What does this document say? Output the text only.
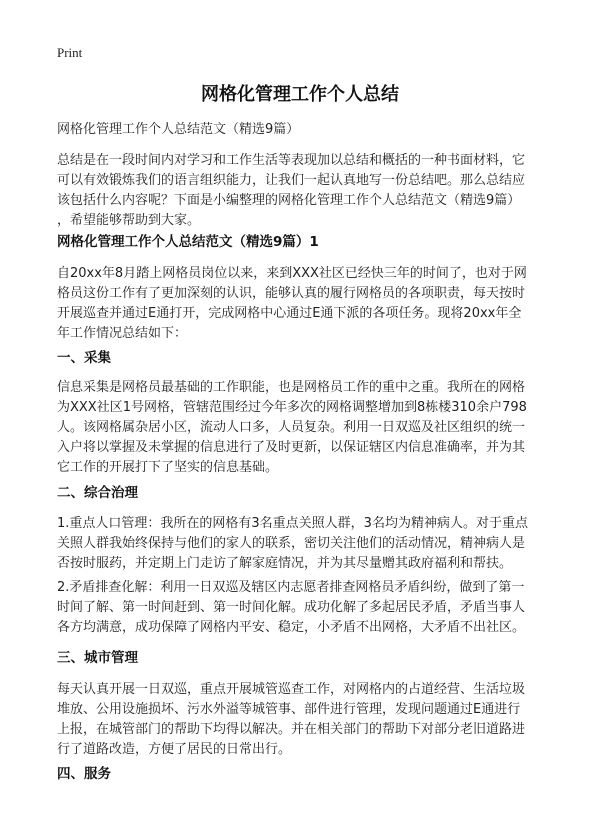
Print
网格化管理工作个人总结
网格化管理工作个人总结范文（精选9篇）
总结是在一段时间内对学习和工作生活等表现加以总结和概括的一种书面材料，它
可以有效锻炼我们的语言组织能力，让我们一起认真地写一份总结吧。那么总结应
该包括什么内容呢？下面是小编整理的网格化管理工作个人总结范文（精选9篇）
，希望能够帮助到大家。
网格化管理工作个人总结范文（精选9篇）1
自20xx年8月踏上网格员岗位以来，来到XXX社区已经快三年的时间了，也对于网
格员这份工作有了更加深刻的认识，能够认真的履行网格员的各项职责，每天按时
开展巡查并通过E通打开，完成网格中心通过E通下派的各项任务。现将20xx年全
年工作情况总结如下：
一、采集
信息采集是网格员最基础的工作职能，也是网格员工作的重中之重。我所在的网格
为XXX社区1号网格，管辖范围经过今年多次的网格调整增加到8栋楼310余户798
人。该网格属杂居小区，流动人口多，人员复杂。利用一日双巡及社区组织的统一
入户将以掌握及未掌握的信息进行了及时更新，以保证辖区内信息准确率，并为其
它工作的开展打下了坚实的信息基础。
二、综合治理
1.重点人口管理：我所在的网格有3名重点关照人群，3名均为精神病人。对于重点
关照人群我始终保持与他们的家人的联系，密切关注他们的活动情况，精神病人是
否按时服药，并定期上门走访了解家庭情况，并为其尽量赠其政府福利和帮扶。
2.矛盾排查化解：利用一日双巡及辖区内志愿者排查网格员矛盾纠纷，做到了第一
时间了解、第一时间赶到、第一时间化解。成功化解了多起居民矛盾，矛盾当事人
各方均满意，成功保障了网格内平安、稳定，小矛盾不出网格，大矛盾不出社区。
三、城市管理
每天认真开展一日双巡，重点开展城管巡查工作，对网格内的占道经营、生活垃圾
堆放、公用设施损坏、污水外溢等城管事、部件进行管理，发现问题通过E通进行
上报，在城管部门的帮助下均得以解决。并在相关部门的帮助下对部分老旧道路进
行了道路改造，方便了居民的日常出行。
四、服务
